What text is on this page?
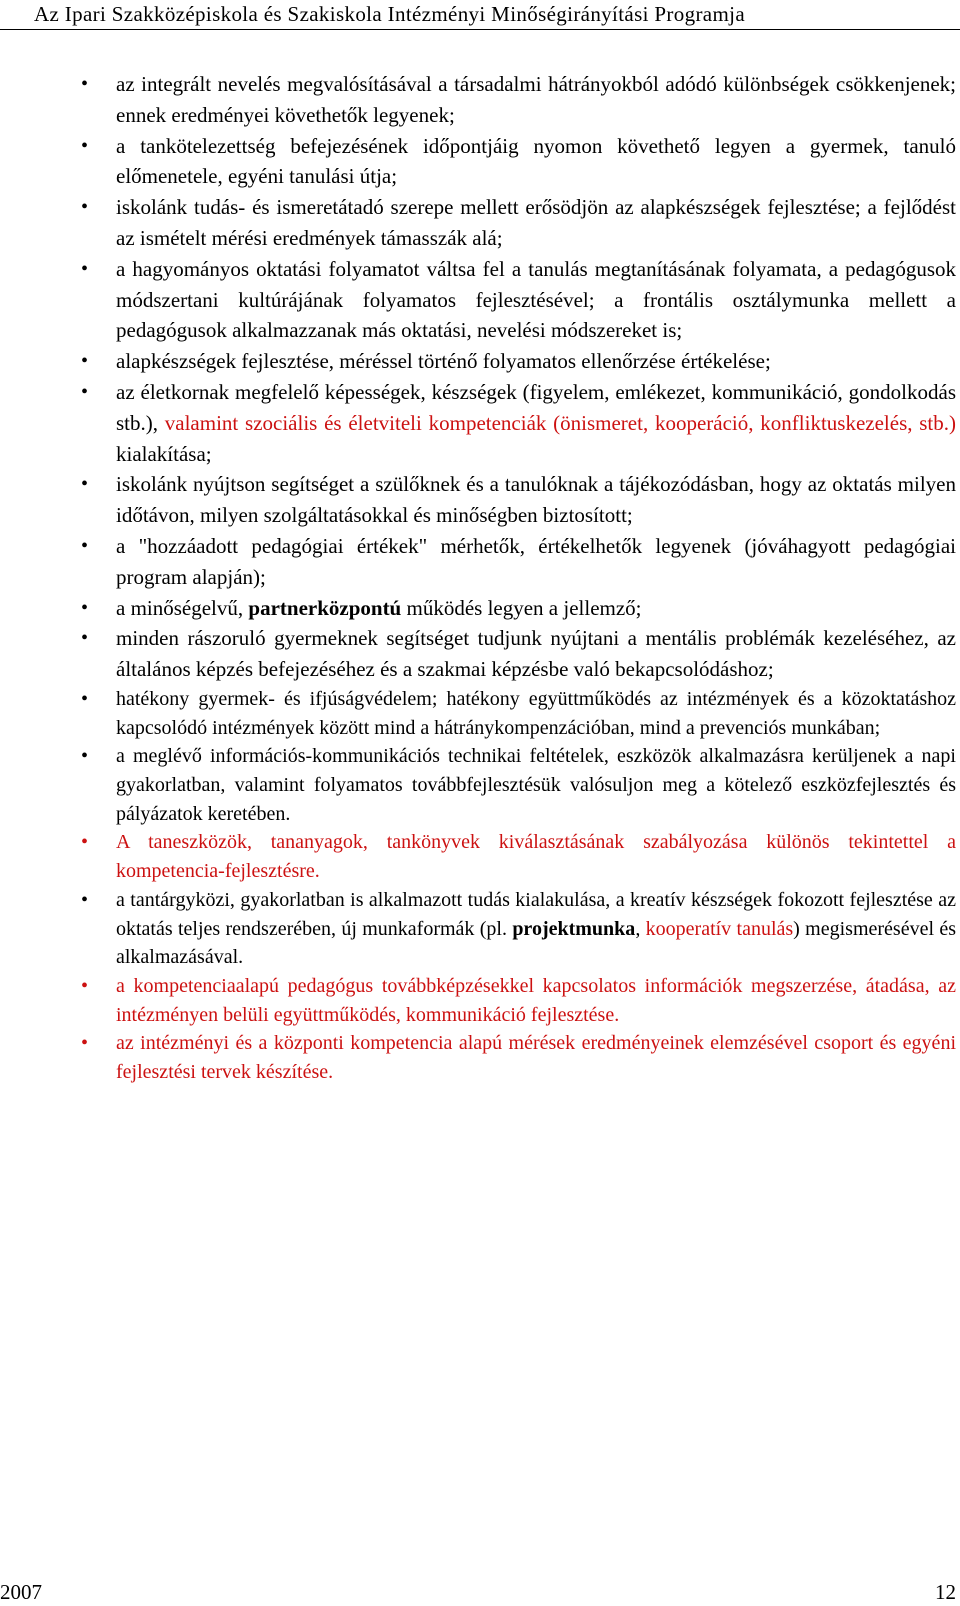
Az Ipari Szakközépiskola és Szakiskola Intézményi Minőségirányítási Programja
• az integrált nevelés megvalósításával a társadalmi hátrányokból adódó különbségek csökkenjenek; ennek eredményei követhetők legyenek;
• a tankötelezettség befejezésének időpontjáig nyomon követhető legyen a gyermek, tanuló előmenetele, egyéni tanulási útja;
• iskolánk tudás- és ismeretátadó szerepe mellett erősödjön az alapkészségek fejlesztése; a fejlődést az ismételt mérési eredmények támasszák alá;
• a hagyományos oktatási folyamatot váltsa fel a tanulás megtanításának folyamata, a pedagógusok módszertani kultúrájának folyamatos fejlesztésével; a frontális osztálymunka mellett a pedagógusok alkalmazzanak más oktatási, nevelési módszereket is;
• alapkészségek fejlesztése, méréssel történő folyamatos ellenőrzése értékelése;
• az életkornak megfelelő képességek, készségek (figyelem, emlékezet, kommunikáció, gondolkodás stb.), valamint szociális és életviteli kompetenciák (önismeret, kooperáció, konfliktuskezelés, stb.) kialakítása;
• iskolánk nyújtson segítséget a szülőknek és a tanulóknak a tájékozódásban, hogy az oktatás milyen időtávon, milyen szolgáltatásokkal és minőségben biztosított;
• a "hozzáadott pedagógiai értékek" mérhetők, értékelhetők legyenek (jóváhagyott pedagógiai program alapján);
• a minőségelvű, partnerközpontú működés legyen a jellemző;
• minden rászoruló gyermeknek segítséget tudjunk nyújtani a mentális problémák kezeléséhez, az általános képzés befejezéséhez és a szakmai képzésbe való bekapcsolódáshoz;
• hatékony gyermek- és ifjúságvédelem; hatékony együttműködés az intézmények és a közoktatáshoz kapcsolódó intézmények között mind a hátránykompenzációban, mind a prevenciós munkában;
• a meglévő információs-kommunikációs technikai feltételek, eszközök alkalmazásra kerüljenek a napi gyakorlatban, valamint folyamatos továbbfejlesztésük valósuljon meg a kötelező eszközfejlesztés és pályázatok keretében.
• A taneszközök, tananyagok, tankönyvek kiválasztásának szabályozása különös tekintettel a kompetencia-fejlesztésre.
• a tantárgyközi, gyakorlatban is alkalmazott tudás kialakulása, a kreatív készségek fokozott fejlesztése az oktatás teljes rendszerében, új munkaformák (pl. projektmunka, kooperatív tanulás) megismerésével és alkalmazásával.
• a kompetenciaalapú pedagógus továbbképzésekkel kapcsolatos információk megszerzése, átadása, az intézményen belüli együttműködés, kommunikáció fejlesztése.
• az intézményi és a központi kompetencia alapú mérések eredményeinek elemzésével csoport és egyéni fejlesztési tervek készítése.
2007	12
